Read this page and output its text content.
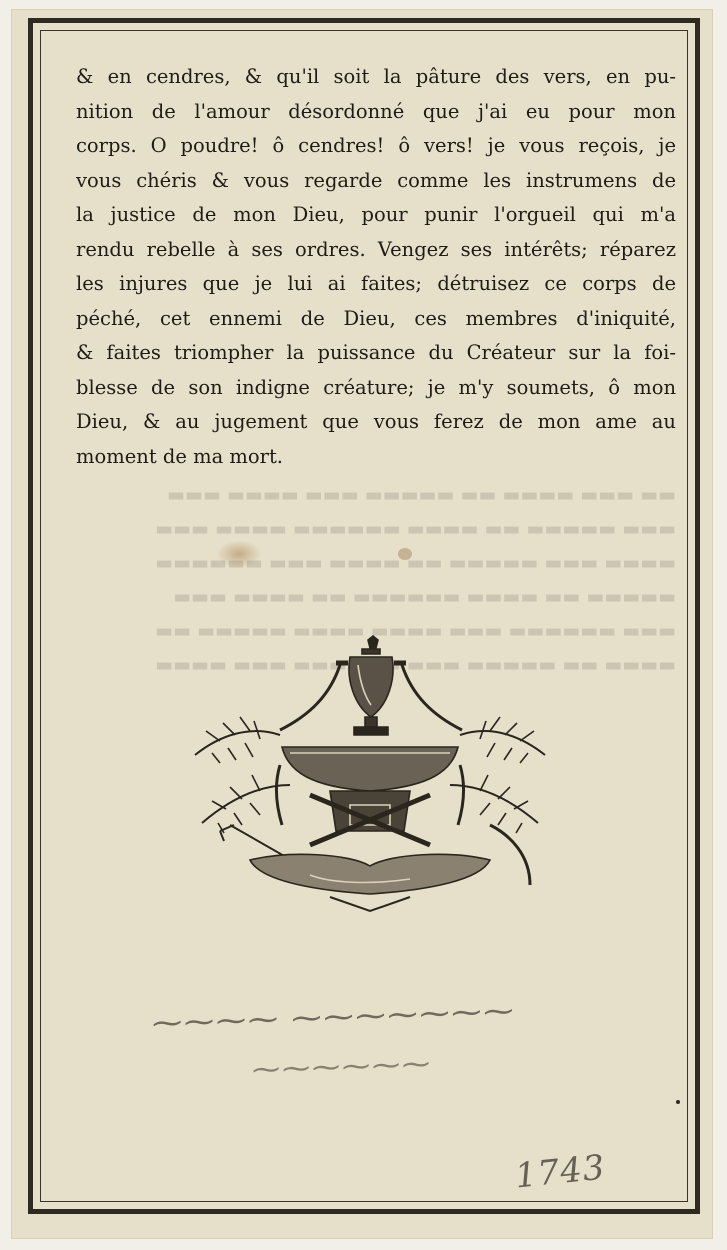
& en cendres, & qu'il soit la pâture des vers, en pu-
nition de l'amour désordonné que j'ai eu pour mon
corps. O poudre! ô cendres! ô vers! je vous reçois, je
vous chéris & vous regarde comme les instrumens de
la justice de mon Dieu, pour punir l'orgueil qui m'a
rendu rebelle à ses ordres. Vengez ses intérêts; réparez
les injures que je lui ai faites; détruisez ce corps de
péché, cet ennemi de Dieu, ces membres d'iniquité,
& faites triompher la puissance du Créateur sur la foi-
blesse de son indigne créature; je m'y soumets, ô mon
Dieu, & au jugement que vous ferez de mon ame au
moment de ma mort.
⁓⁓⁓⁓ ⁓⁓⁓⁓⁓⁓⁓
⁓⁓⁓⁓⁓⁓
1743
